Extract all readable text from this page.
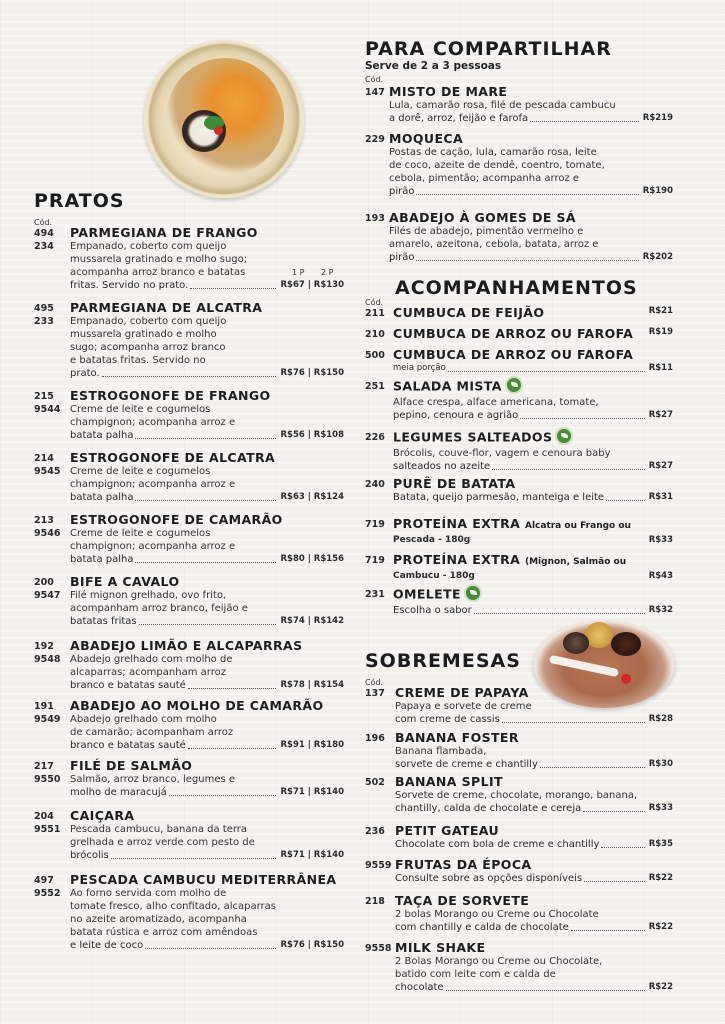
PRATOS
Cód.
1 P 2 P
494
234
PARMEGIANA DE FRANGO
Empanado, coberto com queijo
mussarela gratinado e molho sugo;
acompanha arroz branco e batatas
fritas. Servido no prato.	R$67 | R$130
495
233
PARMEGIANA DE ALCATRA
Empanado, coberto com queijo
mussarela gratinado e molho
sugo; acompanha arroz branco
e batatas fritas. Servido no
prato.	R$76 | R$150
215
9544
ESTROGONOFE DE FRANGO
Creme de leite e cogumelos
champignon; acompanha arroz e
batata palha	R$56 | R$108
214
9545
ESTROGONOFE DE ALCATRA
Creme de leite e cogumelos
champignon; acompanha arroz e
batata palha	R$63 | R$124
213
9546
ESTROGONOFE DE CAMARÃO
Creme de leite e cogumelos
champignon; acompanha arroz e
batata palha	R$80 | R$156
200
9547
BIFE A CAVALO
Filé mignon grelhado, ovo frito,
acompanham arroz branco, feijão e
batatas fritas	R$74 | R$142
192
9548
ABADEJO LIMÃO E ALCAPARRAS
Abadejo grelhado com molho de
alcaparras; acompanham arroz
branco e batatas sauté	R$78 | R$154
191
9549
ABADEJO AO MOLHO DE CAMARÃO
Abadejo grelhado com molho
de camarão; acompanham arroz
branco e batatas sauté	R$91 | R$180
217
9550
FILÉ DE SALMÃO
Salmão, arroz branco, legumes e
molho de maracujá	R$71 | R$140
204
9551
CAIÇARA
Pescada cambucu, banana da terra
grelhada e arroz verde com pesto de
brócolis	R$71 | R$140
497
9552
PESCADA CAMBUCU MEDITERRÂNEA
Ao forno servida com molho de
tomate fresco, alho confitado, alcaparras
no azeite aromatizado, acompanha
batata rústica e arroz com amêndoas
e leite de coco	R$76 | R$150
PARA COMPARTILHAR
Serve de 2 a 3 pessoas
Cód.
147 MISTO DE MARE
Lula, camarão rosa, filé de pescada cambucu
a dorê, arroz, feijão e farofa	R$219
229 MOQUECA
Postas de cação, lula, camarão rosa, leite
de coco, azeite de dendê, coentro, tomate,
cebola, pimentão; acompanha arroz e
pirão	R$190
193 ABADEJO À GOMES DE SÁ
Filés de abadejo, pimentão vermelho e
amarelo, azeitona, cebola, batata, arroz e
pirão	R$202
ACOMPANHAMENTOS
Cód.
211 CUMBUCA DE FEIJÃO	R$21
210 CUMBUCA DE ARROZ OU FAROFA	R$19
500 CUMBUCA DE ARROZ OU FAROFA
meia porção	R$11
251 SALADA MISTA
Alface crespa, alface americana, tomate,
pepino, cenoura e agrião	R$27
226 LEGUMES SALTEADOS
Brócolis, couve-flor, vagem e cenoura baby
salteados no azeite	R$27
240 PURÊ DE BATATA
Batata, queijo parmesão, manteiga e leite	R$31
719 PROTEÍNA EXTRA Alcatra ou Frango ou
Pescada - 180g	R$33
719 PROTEÍNA EXTRA (Mignon, Salmão ou
Cambucu - 180g	R$43
231 OMELETE
Escolha o sabor	R$32
SOBREMESAS
Cód.
137 CREME DE PAPAYA
Papaya e sorvete de creme
com creme de cassis	R$28
196 BANANA FOSTER
Banana flambada,
sorvete de creme e chantilly	R$30
502 BANANA SPLIT
Sorvete de creme, chocolate, morango, banana,
chantilly, calda de chocolate e cereja	R$33
236 PETIT GATEAU
Chocolate com bola de creme e chantilly	R$35
9559 FRUTAS DA ÉPOCA
Consulte sobre as opções disponíveis	R$22
218 TAÇA DE SORVETE
2 bolas Morango ou Creme ou Chocolate
com chantilly e calda de chocolate	R$22
9558 MILK SHAKE
2 Bolas Morango ou Creme ou Chocolate,
batido com leite com e calda de
chocolate	R$22
